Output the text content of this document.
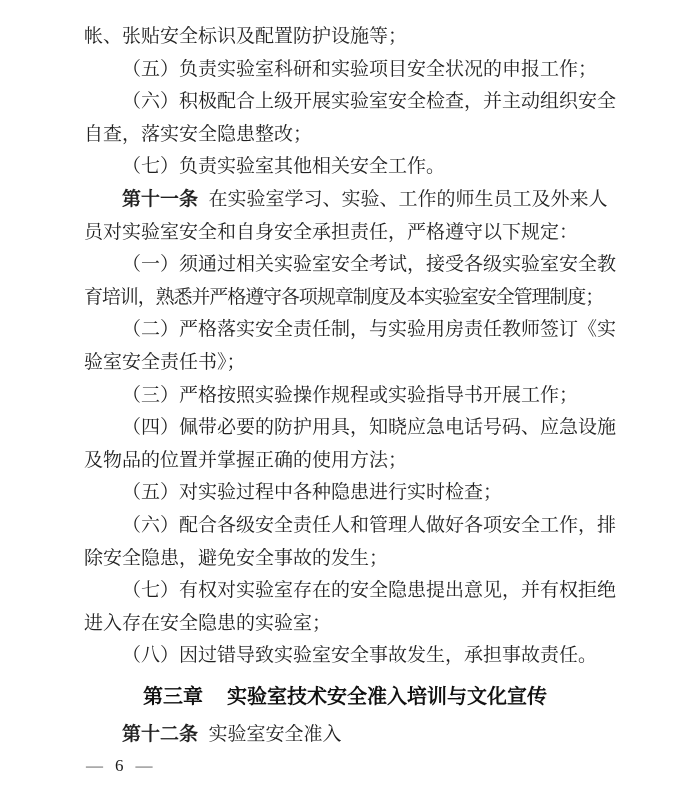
帐、张贴安全标识及配置防护设施等；
（五）负责实验室科研和实验项目安全状况的申报工作；
（六）积极配合上级开展实验室安全检查，并主动组织安全
自查，落实安全隐患整改；
（七）负责实验室其他相关安全工作。
第十一条 在实验室学习、实验、工作的师生员工及外来人
员对实验室安全和自身安全承担责任，严格遵守以下规定：
（一）须通过相关实验室安全考试，接受各级实验室安全教
育培训，熟悉并严格遵守各项规章制度及本实验室安全管理制度；
（二）严格落实安全责任制，与实验用房责任教师签订《实
验室安全责任书》；
（三）严格按照实验操作规程或实验指导书开展工作；
（四）佩带必要的防护用具，知晓应急电话号码、应急设施
及物品的位置并掌握正确的使用方法；
（五）对实验过程中各种隐患进行实时检查；
（六）配合各级安全责任人和管理人做好各项安全工作，排
除安全隐患，避免安全事故的发生；
（七）有权对实验室存在的安全隐患提出意见，并有权拒绝
进入存在安全隐患的实验室；
（八）因过错导致实验室安全事故发生，承担事故责任。
第三章 实验室技术安全准入培训与文化宣传
第十二条 实验室安全准入
— 6 —
